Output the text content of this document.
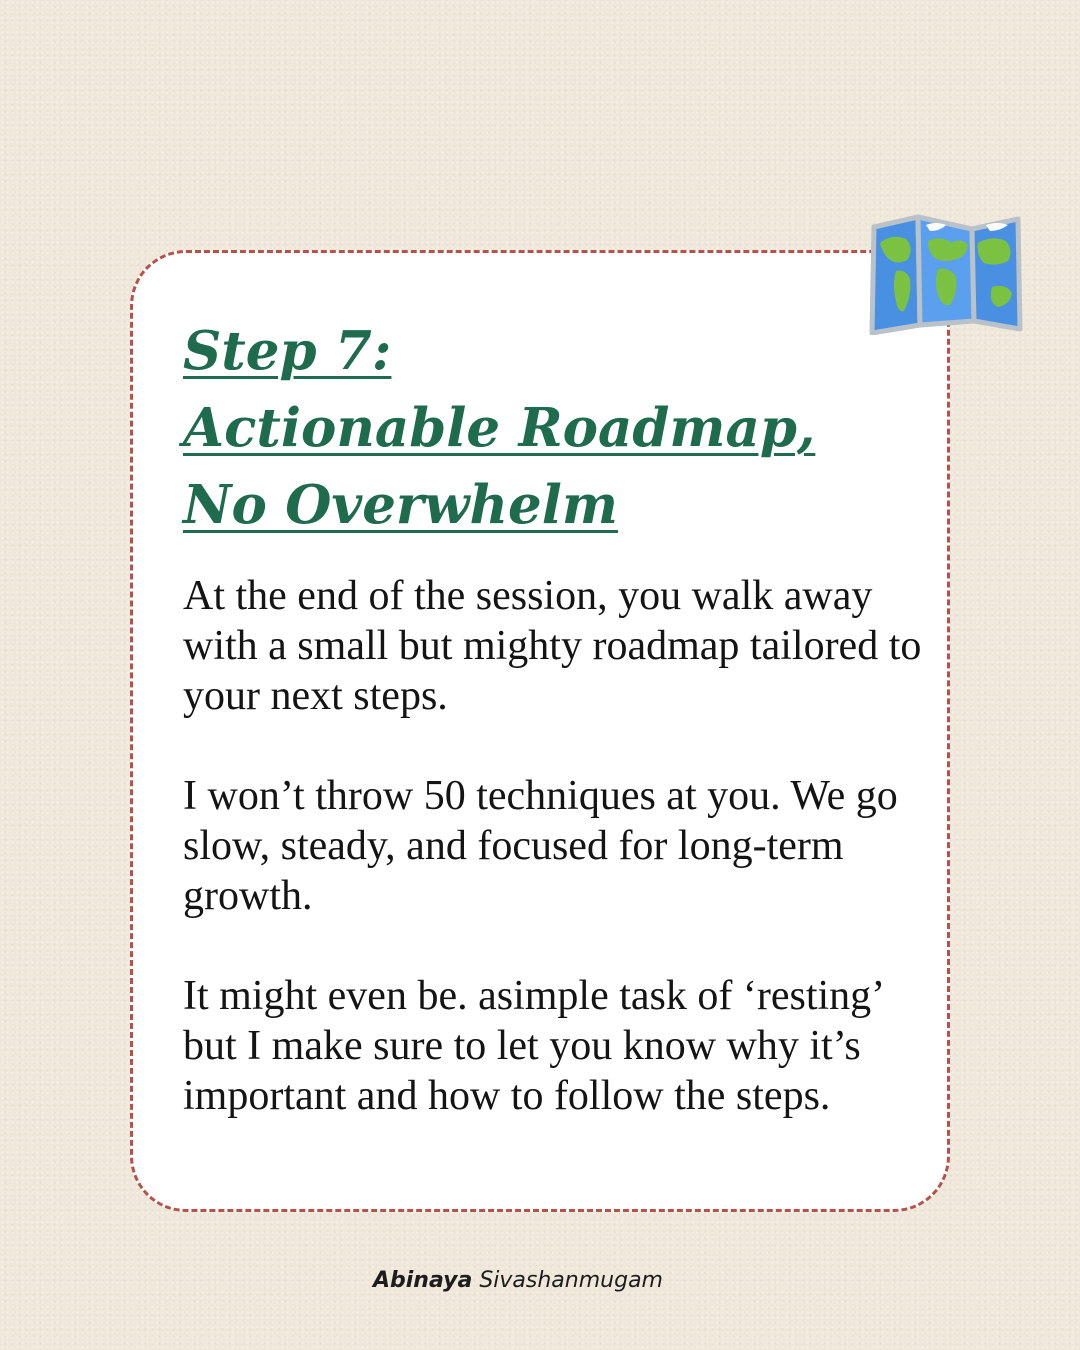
Step 7:
Actionable Roadmap,
No Overwhelm

At the end of the session, you walk away with a small but mighty roadmap tailored to your next steps.

I won’t throw 50 techniques at you. We go slow, steady, and focused for long-term growth.

It might even be. asimple task of ‘resting’ but I make sure to let you know why it’s important and how to follow the steps.

Abinaya Sivashanmugam
